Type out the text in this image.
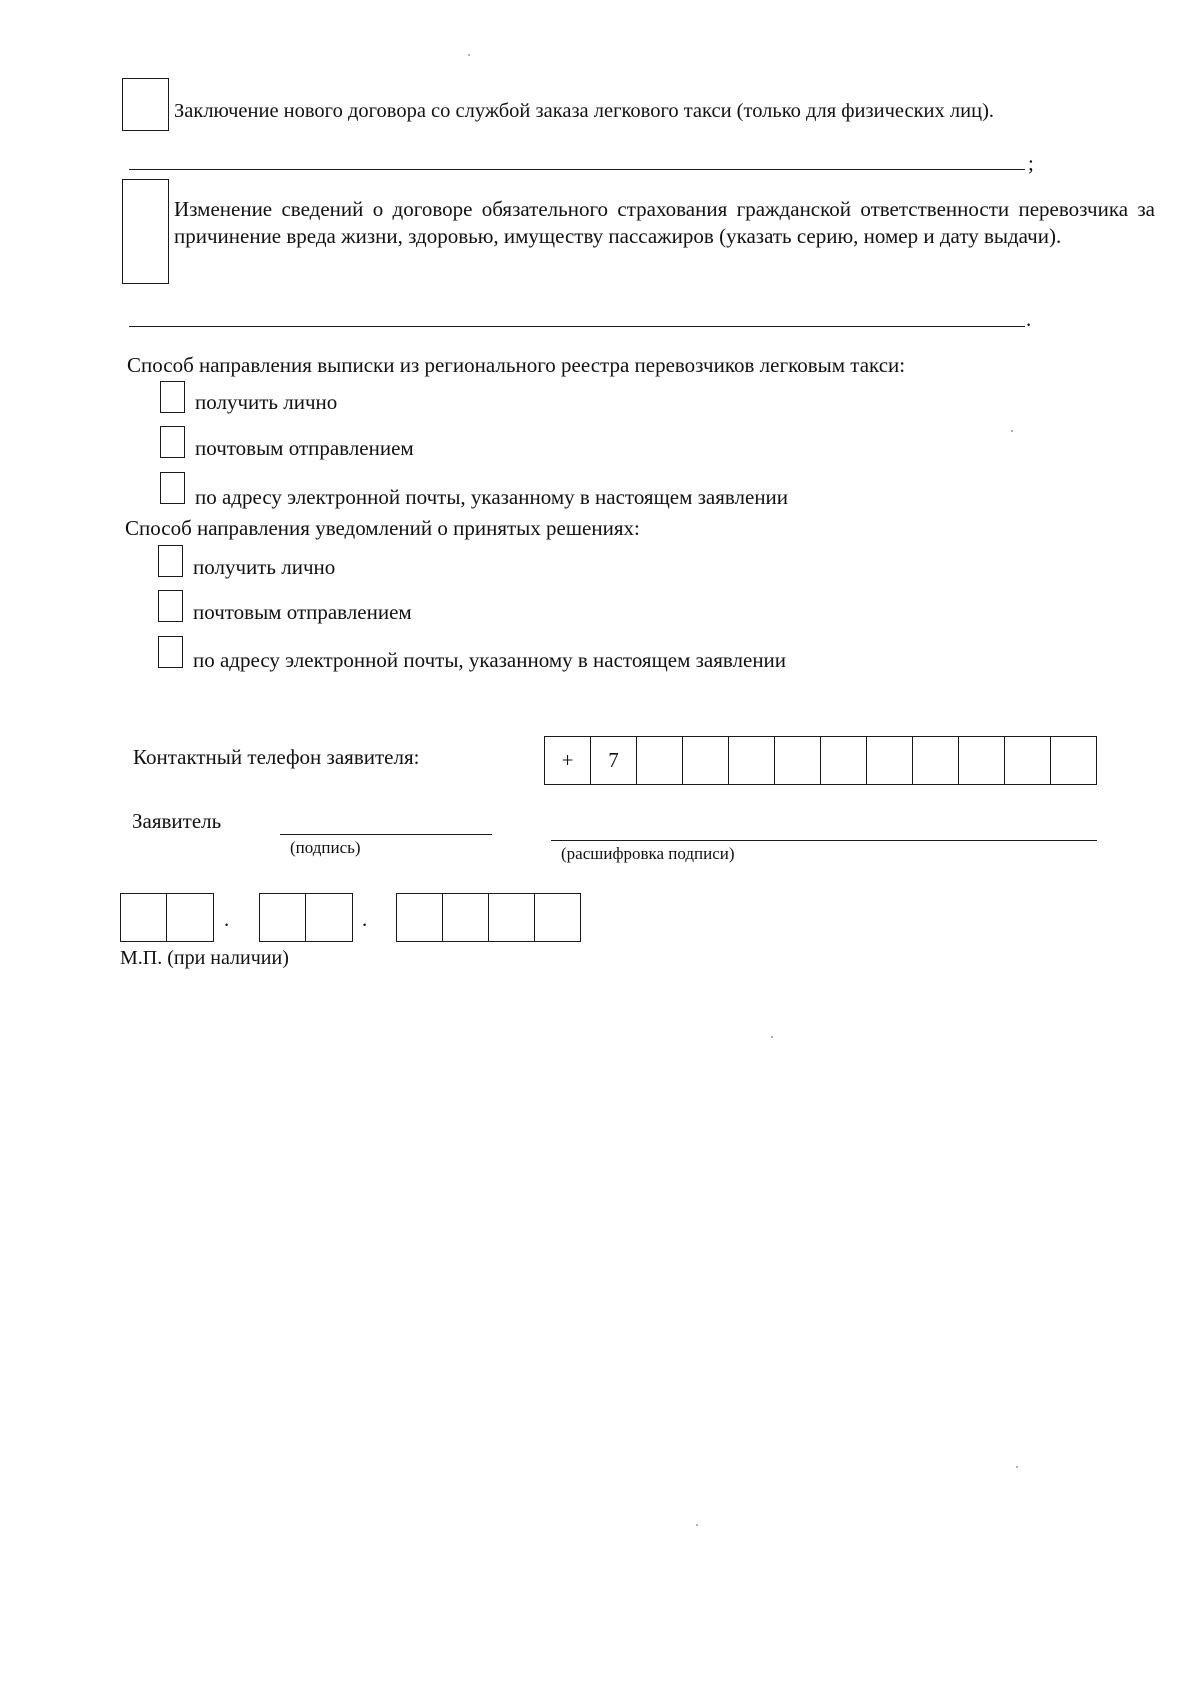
Заключение нового договора со службой заказа легкового такси (только для физических лиц).
;
Изменение сведений о договоре обязательного страхования гражданской ответственности перевозчика за причинение вреда жизни, здоровью, имуществу пассажиров (указать серию, номер и дату выдачи).
.
Способ направления выписки из регионального реестра перевозчиков легковым такси:
получить лично
почтовым отправлением
по адресу электронной почты, указанному в настоящем заявлении
Способ направления уведомлений о принятых решениях:
получить лично
почтовым отправлением
по адресу электронной почты, указанному в настоящем заявлении
Контактный телефон заявителя:	+	7
Заявитель
(подпись)	(расшифровка подписи)
.	.
М.П. (при наличии)
